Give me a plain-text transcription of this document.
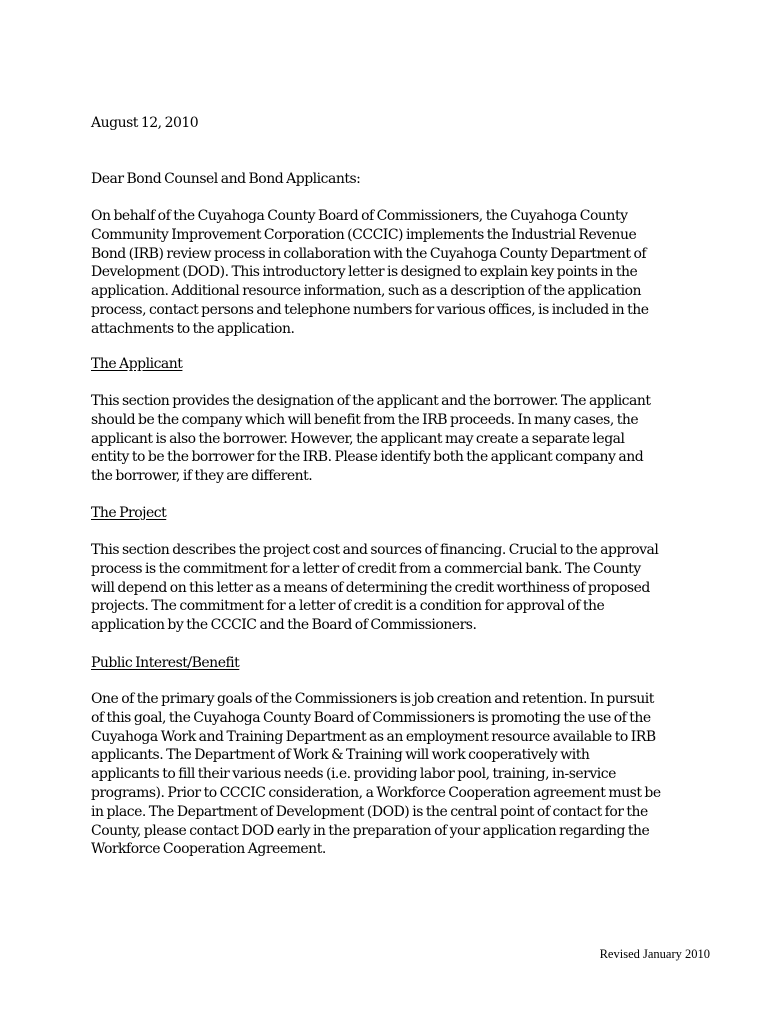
August 12, 2010
Dear Bond Counsel and Bond Applicants:
On behalf of the Cuyahoga County Board of Commissioners, the Cuyahoga County
Community Improvement Corporation (CCCIC) implements the Industrial Revenue
Bond (IRB) review process in collaboration with the Cuyahoga County Department of
Development (DOD). This introductory letter is designed to explain key points in the
application. Additional resource information, such as a description of the application
process, contact persons and telephone numbers for various offices, is included in the
attachments to the application.
The Applicant
This section provides the designation of the applicant and the borrower. The applicant
should be the company which will benefit from the IRB proceeds. In many cases, the
applicant is also the borrower. However, the applicant may create a separate legal
entity to be the borrower for the IRB. Please identify both the applicant company and
the borrower, if they are different.
The Project
This section describes the project cost and sources of financing. Crucial to the approval
process is the commitment for a letter of credit from a commercial bank. The County
will depend on this letter as a means of determining the credit worthiness of proposed
projects. The commitment for a letter of credit is a condition for approval of the
application by the CCCIC and the Board of Commissioners.
Public Interest/Benefit
One of the primary goals of the Commissioners is job creation and retention. In pursuit
of this goal, the Cuyahoga County Board of Commissioners is promoting the use of the
Cuyahoga Work and Training Department as an employment resource available to IRB
applicants. The Department of Work & Training will work cooperatively with
applicants to fill their various needs (i.e. providing labor pool, training, in-service
programs). Prior to CCCIC consideration, a Workforce Cooperation agreement must be
in place. The Department of Development (DOD) is the central point of contact for the
County, please contact DOD early in the preparation of your application regarding the
Workforce Cooperation Agreement.
Revised January 2010
